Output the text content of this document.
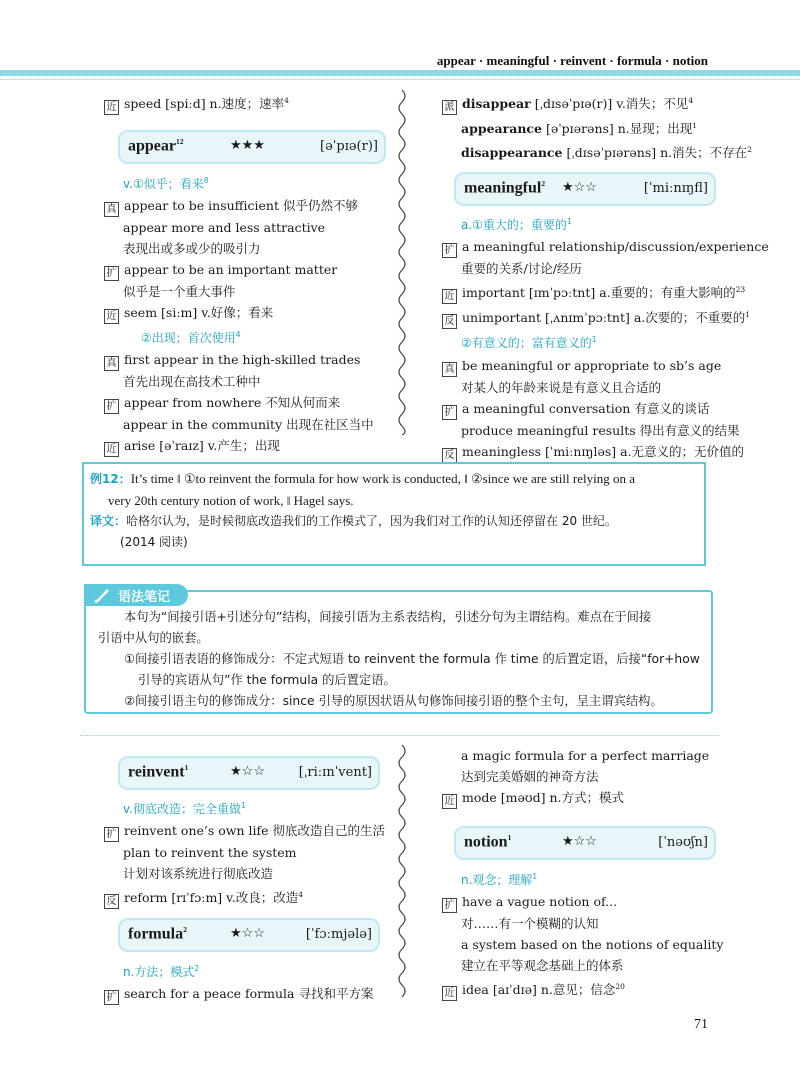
appear · meaningful · reinvent · formula · notion
近 speed [spiːd] n.速度；速率$^4$
appear$^{12}$	★★★	[əˈpɪə(r)]
v.①似乎；看来$^8$
真 appear to be insufficient 似乎仍然不够
appear more and less attractive
表现出或多或少的吸引力
扩 appear to be an important matter
似乎是一个重大事件
近 seem [siːm] v.好像；看来
②出现；首次使用$^4$
真 first appear in the high-skilled trades
首先出现在高技术工种中
扩 appear from nowhere 不知从何而来
appear in the community 出现在社区当中
近 arise [əˈraɪz] v.产生；出现
派 disappear [ˌdɪsəˈpɪə(r)] v.消失；不见$^4$
appearance [əˈpɪərəns] n.显现；出现$^1$
disappearance [ˌdɪsəˈpɪərəns] n.消失；不存在$^2$
meaningful$^2$ ★☆☆	[ˈmiːnɪŋfl]
a.①重大的；重要的$^1$
扩 a meaningful relationship/discussion/experience
重要的关系/讨论/经历
近 important [ɪmˈpɔːtnt] a.重要的；有重大影响的$^{23}$
反 unimportant [ˌʌnɪmˈpɔːtnt] a.次要的；不重要的$^1$
②有意义的；富有意义的$^1$
真 be meaningful or appropriate to sb’s age
对某人的年龄来说是有意义且合适的
扩 a meaningful conversation 有意义的谈话
produce meaningful results 得出有意义的结果
反 meaningless [ˈmiːnɪŋləs] a.无意义的；无价值的
例12：It’s time ‖ ①to reinvent the formula for how work is conducted, ‖ ②since we are still relying on a
very 20th century notion of work, ‖ Hagel says.
译文：哈格尔认为，是时候彻底改造我们的工作模式了，因为我们对工作的认知还停留在 20 世纪。
(2014 阅读)
语法笔记
本句为“间接引语+引述分句”结构，间接引语为主系表结构，引述分句为主谓结构。难点在于间接
引语中从句的嵌套。
①间接引语表语的修饰成分：不定式短语 to reinvent the formula 作 time 的后置定语，后接“for+how
引导的宾语从句”作 the formula 的后置定语。
②间接引语主句的修饰成分：since 引导的原因状语从句修饰间接引语的整个主句，呈主谓宾结构。
reinvent$^1$	★☆☆	[ˌriːɪnˈvent]
v.彻底改造；完全重做$^1$
扩 reinvent one’s own life 彻底改造自己的生活
plan to reinvent the system
计划对该系统进行彻底改造
反 reform [rɪˈfɔːm] v.改良；改造$^4$
formula$^2$	★☆☆	[ˈfɔːmjələ]
n.方法；模式$^2$
扩 search for a peace formula 寻找和平方案
a magic formula for a perfect marriage
达到完美婚姻的神奇方法
近 mode [məʊd] n.方式；模式
notion$^1$	★☆☆	[ˈnəʊʃn]
n.观念；理解$^1$
扩 have a vague notion of...
对……有一个模糊的认知
a system based on the notions of equality
建立在平等观念基础上的体系
近 idea [aɪˈdɪə] n.意见；信念$^{20}$
71
